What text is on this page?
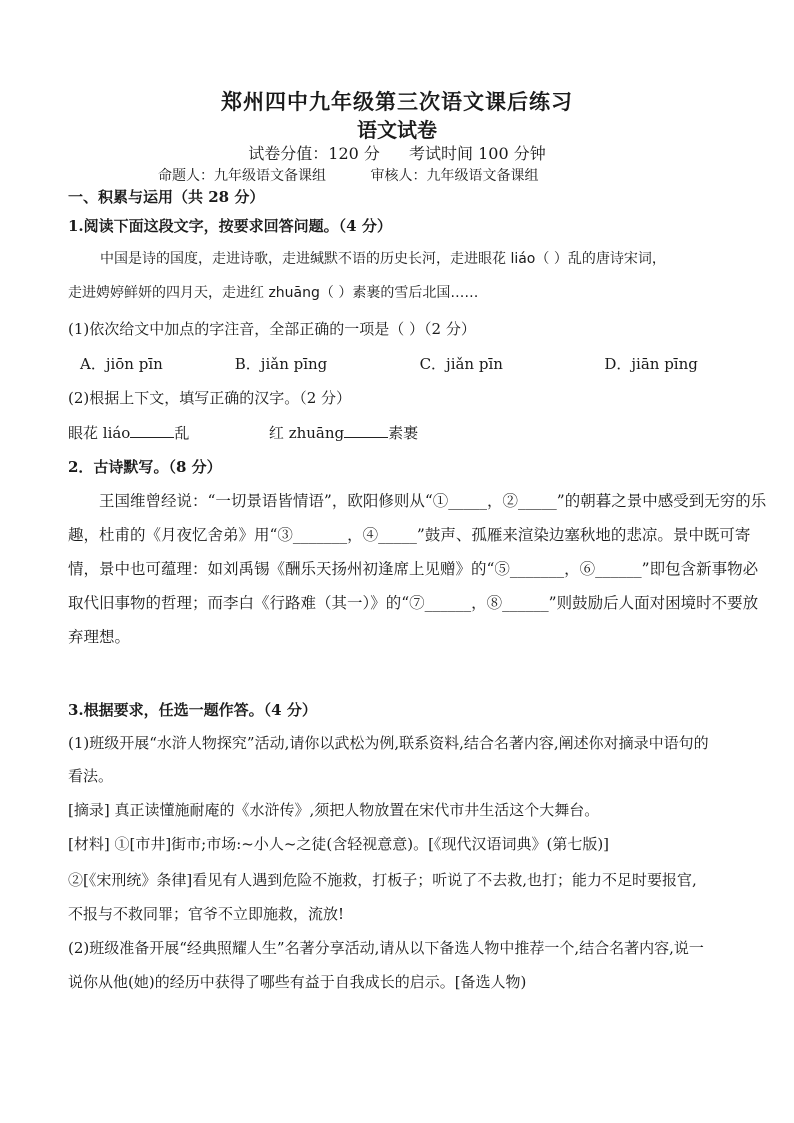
郑州四中九年级第三次语文课后练习
语文试卷
试卷分值：120 分 考试时间 100 分钟
命题人：九年级语文备课组	审核人：九年级语文备课组
一、积累与运用（共 28 分）
1.阅读下面这段文字，按要求回答问题。（4 分）
中国是诗的国度，走进诗歌，走进缄默不语的历史长河，走进眼花 liáo（ ）乱的唐诗宋词，
走进娉婷鲜妍的四月天，走进红 zhuāng（ ）素裹的雪后北国……
(1)依次给文中加点的字注音，全部正确的一项是（ ）（2 分）
A．jiōn pīn	B．jiǎn pīng	C．jiǎn pīn	D．jiān pīng
(2)根据上下文，填写正确的汉字。（2 分）
眼花 liáo	乱	红 zhuāng	素裹
2．古诗默写。（8 分）
王国维曾经说：“一切景语皆情语”，欧阳修则从“①_____，②_____”的朝暮之景中感受到无穷的乐趣，杜甫的《月夜忆舍弟》用“③_______，④_____”鼓声、孤雁来渲染边塞秋地的悲凉。景中既可寄情，景中也可蕴理：如刘禹锡《酬乐天扬州初逢席上见赠》的“⑤_______，⑥______”即包含新事物必取代旧事物的哲理；而李白《行路难（其一）》的“⑦______，⑧______”则鼓励后人面对困境时不要放弃理想。
3.根据要求，任选一题作答。（4 分）
(1)班级开展“水浒人物探究”活动,请你以武松为例,联系资料,结合名著内容,阐述你对摘录中语句的
看法。
[摘录] 真正读懂施耐庵的《水浒传》,须把人物放置在宋代市井生活这个大舞台。
[材料] ①[市井]街市;市场:~小人~之徒(含轻视意意)。[《现代汉语词典》(第七版)]
②[《宋刑统》条律]看见有人遇到危险不施救，打板子；听说了不去救,也打；能力不足时要报官,
不报与不救同罪；官爷不立即施救，流放!
(2)班级准备开展“经典照耀人生”名著分享活动,请从以下备选人物中推荐一个,结合名著内容,说一
说你从他(她)的经历中获得了哪些有益于自我成长的启示。[备选人物)
